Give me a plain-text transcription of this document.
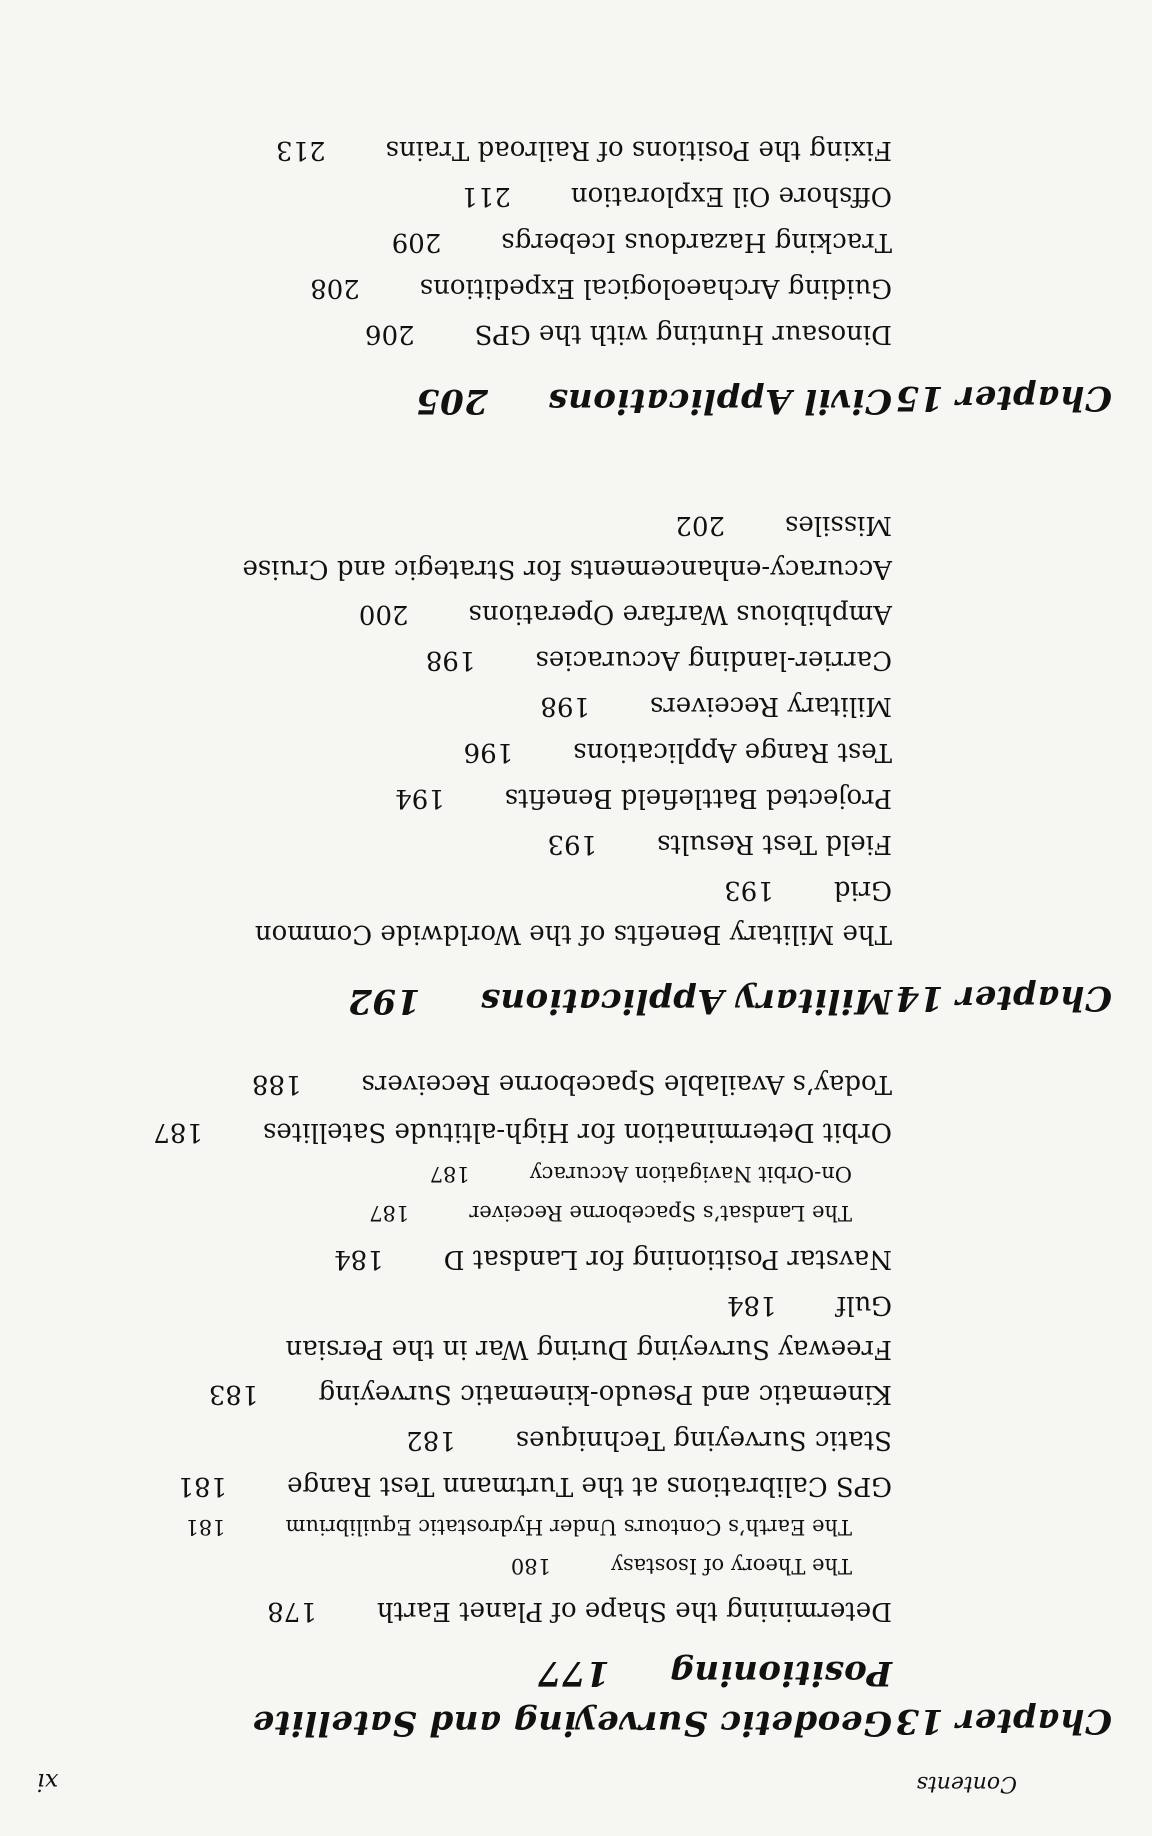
Contents
xi
Chapter 13
Geodetic Surveying and Satellite
Positioning177
Determining the Shape of Planet Earth178
The Theory of Isostasy180
The Earth’s Contours Under Hydrostatic Equilibrium181
GPS Calibrations at the Turtmann Test Range181
Static Surveying Techniques182
Kinematic and Pseudo-kinematic Surveying183
Freeway Surveying During War in the Persian
Gulf184
Navstar Positioning for Landsat D184
The Landsat’s Spaceborne Receiver187
On-Orbit Navigation Accuracy187
Orbit Determination for High-altitude Satellites187
Today’s Available Spaceborne Receivers188
Chapter 14
Military Applications192
The Military Benefits of the Worldwide Common
Grid193
Field Test Results193
Projected Battlefield Benefits194
Test Range Applications196
Military Receivers198
Carrier-landing Accuracies198
Amphibious Warfare Operations200
Accuracy-enhancements for Strategic and Cruise
Missiles202
Chapter 15
Civil Applications205
Dinosaur Hunting with the GPS206
Guiding Archaeological Expeditions208
Tracking Hazardous Icebergs209
Offshore Oil Exploration211
Fixing the Positions of Railroad Trains213
